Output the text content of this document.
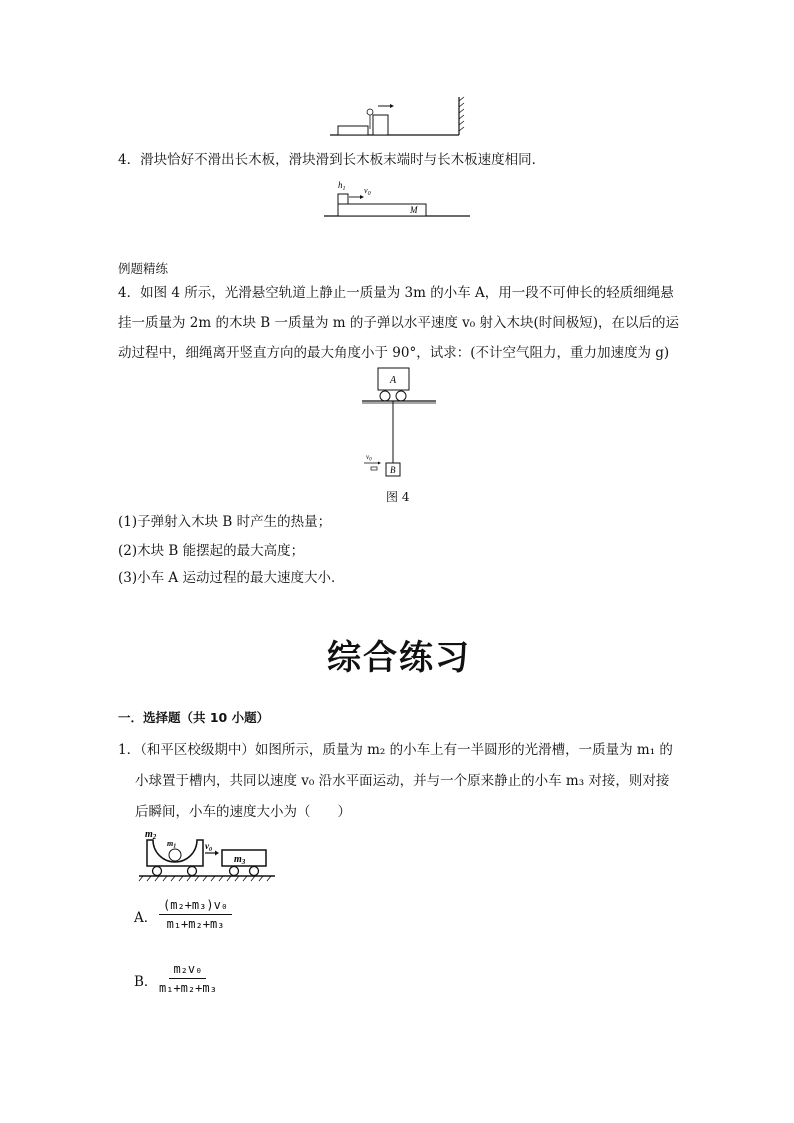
4．滑块恰好不滑出长木板，滑块滑到长木板末端时与长木板速度相同．
$h_1$ $v_0$
M
例题精练
4．如图 4 所示，光滑悬空轨道上静止一质量为 3m 的小车 A，用一段不可伸长的轻质细绳悬
挂一质量为 2m 的木块 B 一质量为 m 的子弹以水平速度 v₀ 射入木块(时间极短)，在以后的运
动过程中，细绳离开竖直方向的最大角度小于 90°，试求：(不计空气阻力，重力加速度为 g)
A
B
$v_0$
图 4
(1)子弹射入木块 B 时产生的热量；
(2)木块 B 能摆起的最大高度；
(3)小车 A 运动过程的最大速度大小．
综合练习
一．选择题（共 10 小题）
1．（和平区校级期中）如图所示，质量为 m₂ 的小车上有一半圆形的光滑槽，一质量为 m₁ 的
小球置于槽内，共同以速度 v₀ 沿水平面运动，并与一个原来静止的小车 m₃ 对接，则对接
后瞬间，小车的速度大小为（　　）
$m_2$
m1	$v_0$
$m_3$
A． $\frac{\text{(m₂+m₃)v₀}}{\text{m₁+m₂+m₃}}$
B．
$\frac{\text{m₂v₀}}{\text{m₁+m₂+m₃}}$
